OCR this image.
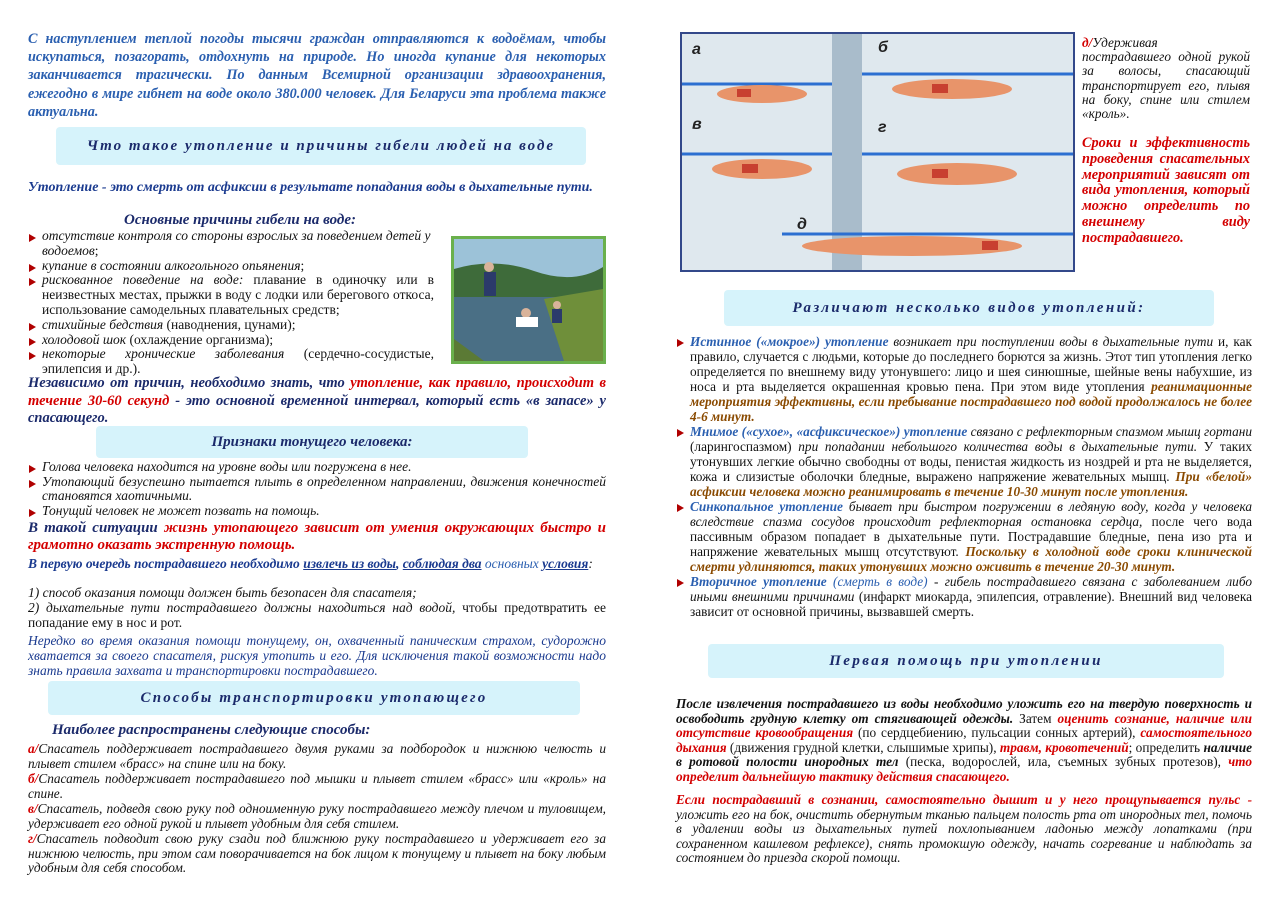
С наступлением теплой погоды тысячи граждан отправляются к водоёмам, чтобы искупаться, позагорать, отдохнуть на природе. Но иногда купание для некоторых заканчивается трагически. По данным Всемирной организации здравоохранения, ежегодно в мире гибнет на воде около 380.000 человек. Для Беларуси эта проблема также актуальна.

Что такое утопление и причины гибели людей на воде

Утопление - это смерть от асфиксии в результате попадания воды в дыхательные пути.

Основные причины гибели на воде:
отсутствие контроля со стороны взрослых за поведением детей у водоемов;
купание в состоянии алкогольного опьянения;
рискованное поведение на воде: плавание в одиночку или в неизвестных местах, прыжки в воду с лодки или берегового откоса, использование самодельных плавательных средств;
стихийные бедствия (наводнения, цунами);
холодовой шок (охлаждение организма);
некоторые хронические заболевания (сердечно-сосудистые, эпилепсия и др.).

Независимо от причин, необходимо знать, что утопление, как правило, происходит в течение 30-60 секунд - это основной временной интервал, который есть «в запасе» у спасающего.

Признаки тонущего человека:
Голова человека находится на уровне воды или погружена в нее.
Утопающий безуспешно пытается плыть в определенном направлении, движения конечностей становятся хаотичными.
Тонущий человек не может позвать на помощь.

В такой ситуации жизнь утопающего зависит от умения окружающих быстро и грамотно оказать экстренную помощь.

В первую очередь пострадавшего необходимо извлечь из воды, соблюдая два основных условия:

1) способ оказания помощи должен быть безопасен для спасателя;

2) дыхательные пути пострадавшего должны находиться над водой, чтобы предотвратить ее попадание ему в нос и рот.

Нередко во время оказания помощи тонущему, он, охваченный паническим страхом, судорожно хватается за своего спасателя, рискуя утопить и его. Для исключения такой возможности надо знать правила захвата и транспортировки пострадавшего.

Способы транспортировки утопающего
Наиболее распространены следующие способы:

а/Спасатель поддерживает пострадавшего двумя руками за подбородок и нижнюю челюсть и плывет стилем «брасс» на спине или на боку.

б/Спасатель поддерживает пострадавшего под мышки и плывет стилем «брасс» или «кроль» на спине.

в/Спасатель, подведя свою руку под одноименную руку пострадавшего между плечом и туловищем, удерживает его одной рукой и плывет удобным для себя стилем.

г/Спасатель подводит свою руку сзади под ближнюю руку пострадавшего и удерживает его за нижнюю челюсть, при этом сам поворачивается на бок лицом к тонущему и плывет на боку любым удобным для себя способом.

а	б
в	г
д

д/Удерживая пострадавшего одной рукой за волосы, спасающий транспортирует его, плывя на боку, спине или стилем «кроль».

Сроки и эффективность проведения спасательных мероприятий зависят от вида утопления, который можно определить по внешнему виду пострадавшего.

Различают несколько видов утоплений:

Истинное («мокрое») утопление возникает при поступлении воды в дыхательные пути и, как правило, случается с людьми, которые до последнего борются за жизнь. Этот тип утопления легко определяется по внешнему виду утонувшего: лицо и шея синюшные, шейные вены набухшие, из носа и рта выделяется окрашенная кровью пена. При этом виде утопления реанимационные мероприятия эффективны, если пребывание пострадавшего под водой продолжалось не более 4-6 минут.

Мнимое («сухое», «асфиксическое») утопление связано с рефлекторным спазмом мышц гортани (ларингоспазмом) при попадании небольшого количества воды в дыхательные пути. У таких утонувших легкие обычно свободны от воды, пенистая жидкость из ноздрей и рта не выделяется, кожа и слизистые оболочки бледные, выражено напряжение жевательных мышц. При «белой» асфиксии человека можно реанимировать в течение 10-30 минут после утопления.

Синкопальное утопление бывает при быстром погружении в ледяную воду, когда у человека вследствие спазма сосудов происходит рефлекторная остановка сердца, после чего вода пассивным образом попадает в дыхательные пути. Пострадавшие бледные, пена изо рта и напряжение жевательных мышц отсутствуют. Поскольку в холодной воде сроки клинической смерти удлиняются, таких утонувших можно оживить в течение 20-30 минут.

Вторичное утопление (смерть в воде) - гибель пострадавшего связана с заболеванием либо иными внешними причинами (инфаркт миокарда, эпилепсия, отравление). Внешний вид человека зависит от основной причины, вызвавшей смерть.

Первая помощь при утоплении

После извлечения пострадавшего из воды необходимо уложить его на твердую поверхность и освободить грудную клетку от стягивающей одежды. Затем оценить сознание, наличие или отсутствие кровообращения (по сердцебиению, пульсации сонных артерий), самостоятельного дыхания (движения грудной клетки, слышимые хрипы), травм, кровотечений; определить наличие в ротовой полости инородных тел (песка, водорослей, ила, съемных зубных протезов), что определит дальнейшую тактику действия спасающего.

Если пострадавший в сознании, самостоятельно дышит и у него прощупывается пульс - уложить его на бок, очистить обернутым тканью пальцем полость рта от инородных тел, помочь в удалении воды из дыхательных путей похлопыванием ладонью между лопатками (при сохраненном кашлевом рефлексе), снять промокшую одежду, начать согревание и наблюдать за состоянием до приезда скорой помощи.
